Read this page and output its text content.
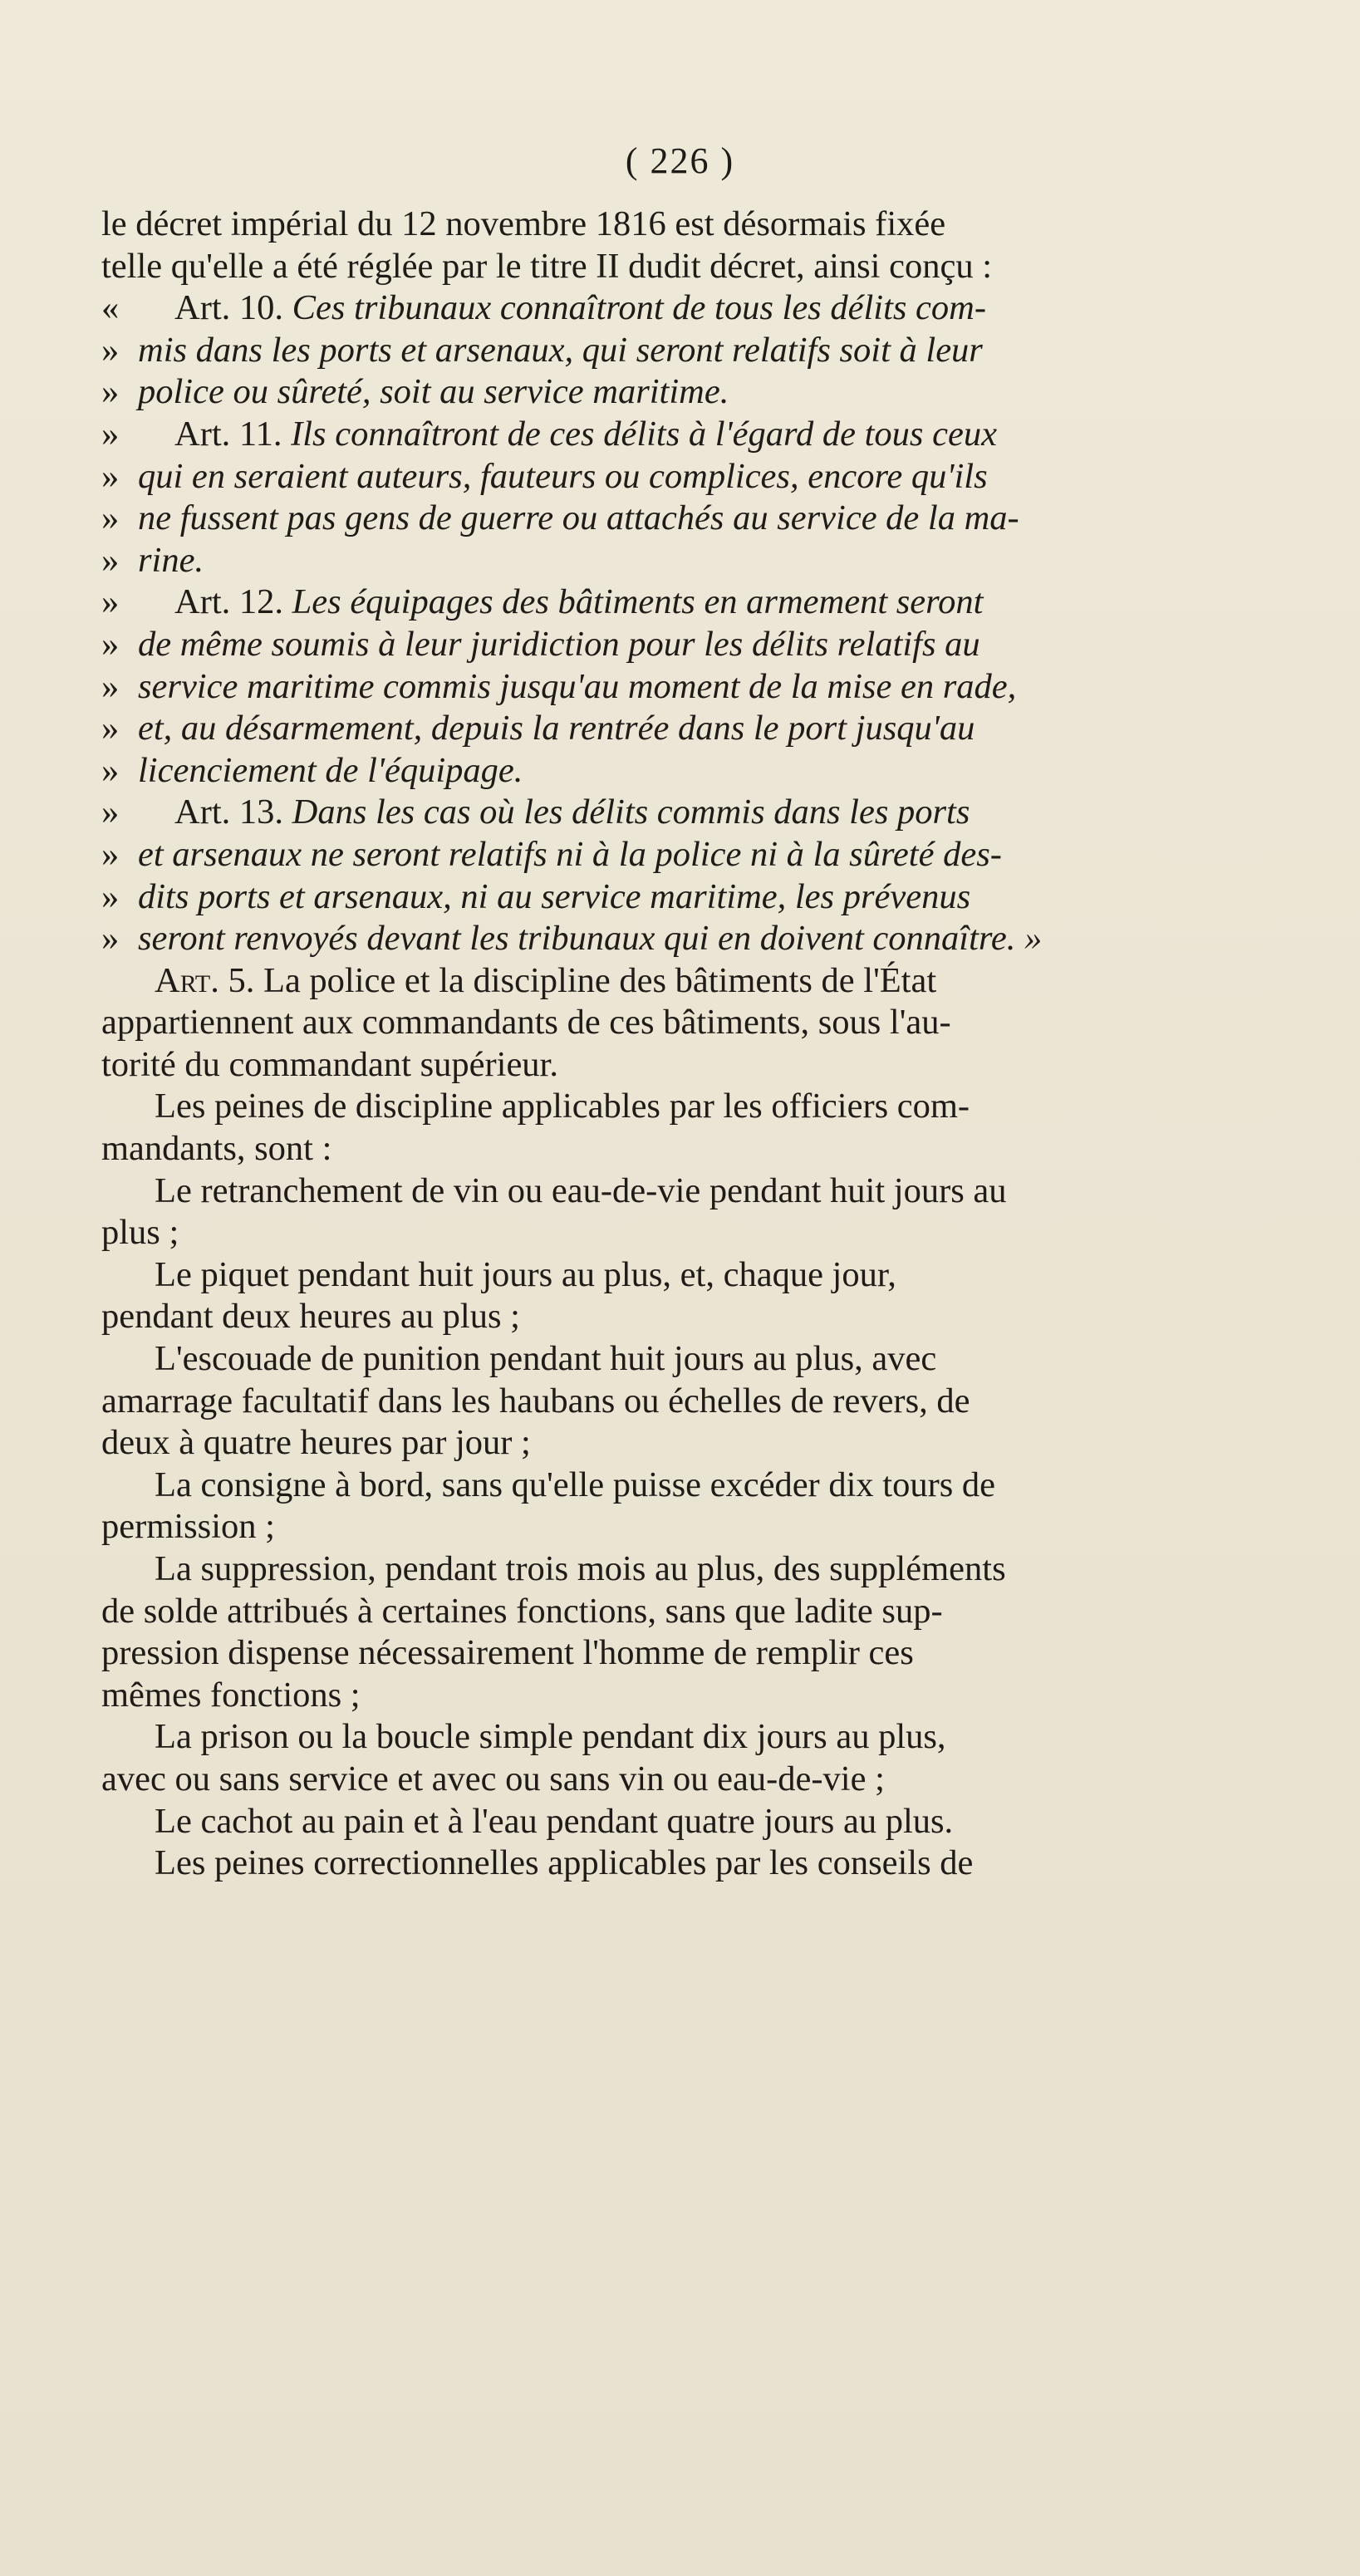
( 226 )
le décret impérial du 12 novembre 1816 est désormais fixée
telle qu'elle a été réglée par le titre II dudit décret, ainsi conçu :
« Art. 10. Ces tribunaux connaîtront de tous les délits com-
» mis dans les ports et arsenaux, qui seront relatifs soit à leur
» police ou sûreté, soit au service maritime.
» Art. 11. Ils connaîtront de ces délits à l'égard de tous ceux
» qui en seraient auteurs, fauteurs ou complices, encore qu'ils
» ne fussent pas gens de guerre ou attachés au service de la ma-
» rine.
» Art. 12. Les équipages des bâtiments en armement seront
» de même soumis à leur juridiction pour les délits relatifs au
» service maritime commis jusqu'au moment de la mise en rade,
» et, au désarmement, depuis la rentrée dans le port jusqu'au
» licenciement de l'équipage.
» Art. 13. Dans les cas où les délits commis dans les ports
» et arsenaux ne seront relatifs ni à la police ni à la sûreté des-
» dits ports et arsenaux, ni au service maritime, les prévenus
» seront renvoyés devant les tribunaux qui en doivent connaître. »
Art. 5. La police et la discipline des bâtiments de l'État
appartiennent aux commandants de ces bâtiments, sous l'au-
torité du commandant supérieur.
Les peines de discipline applicables par les officiers com-
mandants, sont :
Le retranchement de vin ou eau-de-vie pendant huit jours au
plus ;
Le piquet pendant huit jours au plus, et, chaque jour,
pendant deux heures au plus ;
L'escouade de punition pendant huit jours au plus, avec
amarrage facultatif dans les haubans ou échelles de revers, de
deux à quatre heures par jour ;
La consigne à bord, sans qu'elle puisse excéder dix tours de
permission ;
La suppression, pendant trois mois au plus, des suppléments
de solde attribués à certaines fonctions, sans que ladite sup-
pression dispense nécessairement l'homme de remplir ces
mêmes fonctions ;
La prison ou la boucle simple pendant dix jours au plus,
avec ou sans service et avec ou sans vin ou eau-de-vie ;
Le cachot au pain et à l'eau pendant quatre jours au plus.
Les peines correctionnelles applicables par les conseils de
